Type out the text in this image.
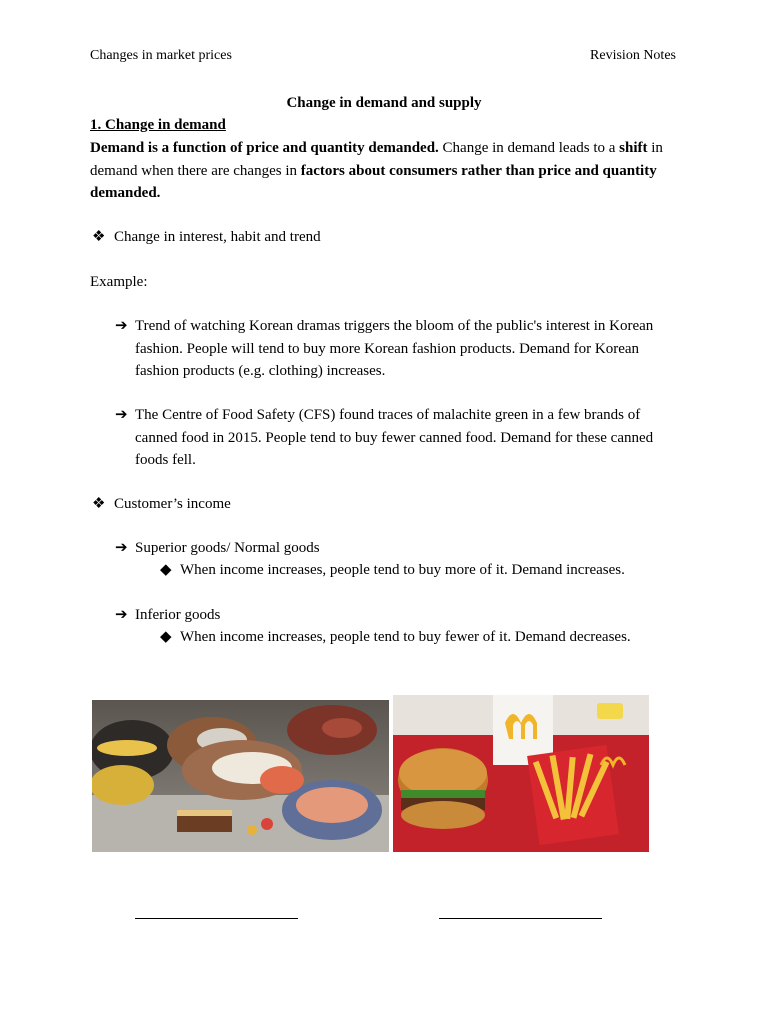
Changes in market prices	Revision Notes
Change in demand and supply
1. Change in demand
Demand is a function of price and quantity demanded. Change in demand leads to a shift in demand when there are changes in factors about consumers rather than price and quantity demanded.
❖ Change in interest, habit and trend
Example:
➔ Trend of watching Korean dramas triggers the bloom of the public's interest in Korean fashion. People will tend to buy more Korean fashion products. Demand for Korean fashion products (e.g. clothing) increases.
➔ The Centre of Food Safety (CFS) found traces of malachite green in a few brands of canned food in 2015. People tend to buy fewer canned food. Demand for these canned foods fell.
❖ Customer’s income
➔ Superior goods/ Normal goods
◆ When income increases, people tend to buy more of it. Demand increases.
➔ Inferior goods
◆ When income increases, people tend to buy fewer of it. Demand decreases.
